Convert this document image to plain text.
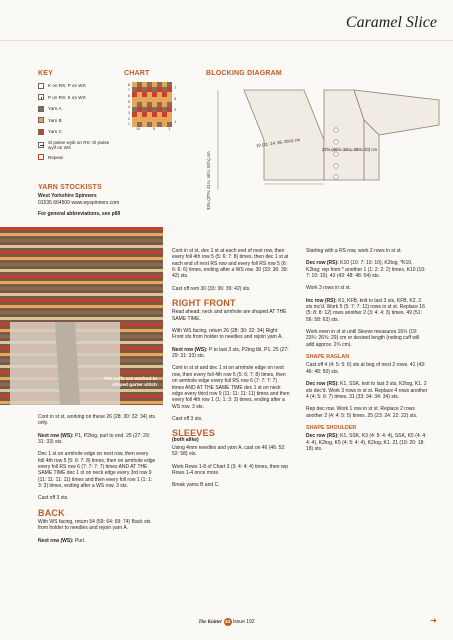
Caramel Slice
KEY
K on RS; P on WS
P on RS; K on WS
Yarn A
Yarn B
Yarn C
Sl pwise wyib on RS; Sl pwise wyif on WS
Repeat
CHART
8
7
6
5
4
3
2
1
7
5
3
1
15	5	1
BLOCKING DIAGRAM
33¾ (37¾: 41¼: 45½: 52½) cm
19 (21: 24: 26: 29½) cm
27½ (30½: 32¼: 35½: 33) cm
YARN STOCKISTS
West Yorkshire Spinners
01535 664500 www.wyspinners.com
For general abbreviations, see p89
The cuffs are worked in striped garter stitch

Cont in st st, working on these 26 (28: 30: 32: 34) sts only.

Next row (WS): P1, P2tog, purl to end. 25 (27: 29: 31: 33) sts.

Dec 1 st on armhole edge on next row, then every foll 4th row 5 (5: 6: 7: 8) times, then on armhole edge every foll RS row 6 (7: 7: 7: 7) times AND AT THE SAME TIME dec 1 st on neck edge every 3rd row 9 (11: 11: 11: 11) times and then every foll row 1 (1: 1: 3: 3) times, ending after a WS row. 3 sts.

Cast off 3 sts.

BACK

With WS facing, return 54 (59: 64: 69: 74) Back sts from holder to needles and rejoin yarn A.

Next row (WS): Purl.

Cont in st st, dec 1 st at each end of next row, then every foll 4th row 5 (5: 6: 7: 8) times, then dec 1 st at each end of next RS row and every foll RS row 5 (6: 6: 6: 6) times, ending after a WS row. 30 (33: 36: 39: 42) sts.

Cast off rem 30 (33: 36: 39: 42) sts.

RIGHT FRONT

Read ahead; neck and armhole are shaped AT THE SAME TIME.

With WS facing, return 26 (28: 30: 32: 34) Right Front sts from holder to needles and rejoin yarn A.

Next row (WS): P to last 3 sts, P2tog tbl, P1. 25 (27: 29: 31: 33) sts.

Cont in st st and dec 1 st on armhole edge on next row, then every foll 4th row 5 (5: 6: 7: 8) times, then on armhole edge every foll RS row 6 (7: 7: 7: 7) times AND AT THE SAME TIME dec 1 st on neck edge every third row 9 (11: 11: 11: 11) times and then every foll 4th row 1 (1: 1: 3: 3) times, ending after a WS row. 3 sts.

Cast off 3 sts.

SLEEVES

(both alike)

Using 4mm needles and yarn A, cast on 46 (46: 52: 52: 58) sts.

Work Rows 1-8 of Chart 3 (3: 4: 4: 4) times, then rep Rows 1-4 once more.

Break yarns B and C.

Starting with a RS row, work 2 rows in st st.

Dec row (RS): K10 (10: 7: 10: 10), K2tog, *K10, K2tog; rep from * another 1 (1: 2: 2: 2) times, K10 (10: 7: 10: 10). 43 (43: 48: 48: 54) sts.

Work 3 rows in st st.

Inc row (RS): K1, KFB, knit to last 3 sts, KFB, K2. 2 sts inc'd. Work 5 (5: 7: 7: 11) rows in st st. Replace 16 (5: 8: 8: 12) rows another 2 (3: 4: 4: 3) times. 49 (51: 56: 58: 62) sts.

Work even in st st until Sleeve measures 16¾ (19: 23¾: 26¾: 29) cm or desired length (noting cuff will add approx. 2¾ cm).

SHAPE RAGLAN

Cast off 4 (4: 5: 5: 6) sts at beg of next 2 rows. 41 (43: 46: 48: 50) sts.

Dec row (RS): K1, SSK, knit to last 3 sts, K2tog, K1. 2 sts dec'd. Work 3 rows in st st. Replace 4 rows another 4 (4: 5: 6: 7) times. 31 (33: 34: 34: 34) sts.

Rep dec row. Work 1 row in st st. Replace 2 rows another 2 (4: 4: 5: 5) times. 25 (23: 24: 22: 22) sts.

SHAPE SHOULDER

Dec row (RS): K1, SSK, K3 (4: 5: 4: 4), SSK, K5 (4: 4: 4: 4), K2tog, K5 (4: 5: 4: 4), K2tog, K1. 21 (19: 20: 18: 18) sts.

The Knitter 43 Issue 192	➜
